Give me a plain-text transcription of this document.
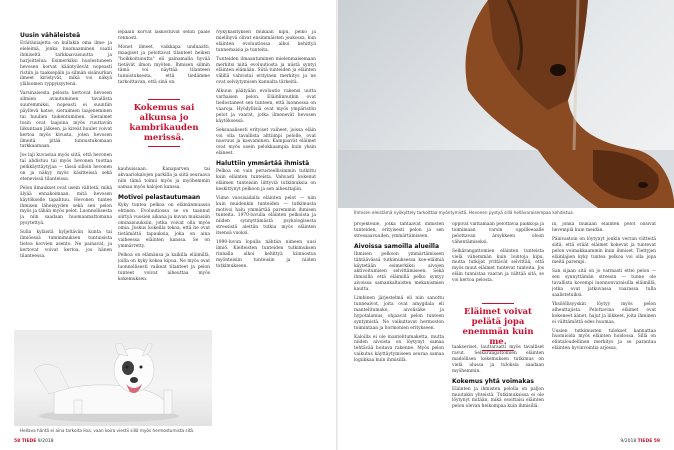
Uusin vähäleisteä

Eräitäniajetta on kullakin oma ilme- ja eleleimä, jonka huomaaminen vaatii ihmiseltä tarkkaavaisuutta ja harjoittelua. Esimerkiksi huolestuneen hevosen korvat kääntyilevät nopeasti ristiin ja taaksepäin ja silmän sisänurkan ilmeet kiristyvät, mikä voi näkyä yläluomen ryppyisyytenä.

Varsinaisesta pelosta kertovat hevosen silmien avautuminen tavallista suuremmiksi, nopeasti ei suuntiin päyllevä katse, sieraimien laajeneminen tai huulien tiukentuminen. Sieraimet tosin ovat laajoina myös ruuttaviin liikuntaan jälkeen, ja kireät huulet voivat kertoa myös kivusta, joten hevosen ilmeitä pitää tunnustukomaan tarkkaamaan.

Jos laji kuvastaa myös siitä, että hevonen tai ahdistuu tai myös hevonen tuottaa pelkkäyttäytyjaa — tässä silloin hevonen on ja näkyy myös käsitteissä sekä etenevissä tilanteissa.

Pelon ilmaukset ovat usein välitetä, mikä älyää ennakoimaan, mitä hevosen käytökselle tapahtuu. Hevonen tuntee ihmisen läheisyyden sekä sen pelon myös ja tähän myös pelot. Luonnollisesta ja niin saadaan huomaamattomana pysytettyä.

Sulla kyläistä kyljeltävän kunta tai ilmiöessä tummimuksen tuntuisista tietoa korvien asento. Ne painavat, ja kertovat voivat kertoa, jos hänen tilanteessa.

lepääin korvat laskostuvat sellin pääle rennosti.

Monet ilmeet, vaikkapa unduaatti, maagiset ja pelottavat tilanteet heiken "hoikkoitunutta" eli painamalla hyvää tietävät ilmon myöten. Ihmisen silmin tämä voi näyttää tilanteen tunnistuksesta, että tiedämme tarkoittavan, että sinä on.

kauhuissaan. Kanaparven tai akvaariokalojen parkilla ja siitä seuraava niin tämä toimii myös ja myöhemmin samaa myös kalojen kanssa.

Motivoi pelastautumaan

Kyky tuntea pelkoa on elämänmuassa ehtinen. Evoluutiossa se on taannut siirtyä vuosien aikana ja kuvan mukaisiin ominaisuuksiin, jotka voivat olla myös omia. Joskus kokeilla tekoa, että he ovat tietämättä tapauksia, joka on aina vaiheessa eläinten kanssa. Se on ymmärretty.

Pelkoa on elämänsa ja kaikilla eläimillä, joilla on kyky kokea kipua. Ne myös ovat luonnollisesti vaikeat tilanteet ja pelon tunteet voivat aiheuttaa myös kokemuksen.

Kokemus sai alkunsa jo kambrikauden merissä.

Nykykäsityksen mukaan kipu, pelko ja mielihyvä olivat ensimmäisten joukossa, kun eläinten evoluutiossa alkoi kehittyä tunnemaisia ja tunteita.

Tunteiden ilmaantuminen mielenmaisemaan merkitsi niitä evoluutiosta ja niistä syntyi eläinten elämään. Siitä tunteiden ja eläinten välillä vahvistui erityinen merkitys ja ne ovat selviytymisen kannalta tärkeitä.

Alkuun päätyään evoluutio rakensi uutta varhaisen pelon. Eläinlinnutkin ovat tiedostaneet sen tunteen, että luonnossa on vaaroja. Hyödyllisiä ovat myös ympäristön pelot ja vaarat, jotka ilmenevät hevosen käytöksessä.

Seksuaalisesti erityiset vaiheet, joissa eläin voi olla tavallista alttiimpi pelolle, ovat nuoruus ja kasvaminen. Kampaavät eläimet ovat myös usein pelokkaampia kuin yksin eläneet.

Haluttiin ymmärtää ihmistä

Pelkoa on vain perusteellisimmin tutkittu kuin eläinten tunteista. Vahvasti kokenut eläimen tunteisiin liittyviä tutkimuksia on keskittynyt pelkoon ja sen aiheuttajiin.

Viime vuosisadalla eläinten pelot — niin kuin muidenkin tunteiden — tutkimusta motivoi halu ymmärtää paremmin ihmisen tunteita. 1970-luvulla eläinten pelkoista ja niiden synnyttämästä psykologisesta stressistä alettiin tutkia myös eläinten itsensä vuoksi.

1990-luvun lopulla nähtiin nimeen uusi ilmiö. Kielteisten tunteiden tutkimuksen rinnalla alkoi kehittyä kiinnostus myönteisiin tunteisiin ja niiden tutkimukseen.

Hellava häntä ei aina tarkoita iloa, vaan koira viestii sillä myös hermostumista sitä.
58 TIEDE 9/2018
Ihmisen eleistämä nyökyttely tarkoittaa myöntymistä. Hevonen pystyä sillä hellävaraisempaa kohdistua.

projekteille, jotka tähtäävät ihmisten tunteiden, erityisesti pelon ja sen stressaavuuden, ymmärtämiseen.

Aivoissa samoilla alueilla

Ihmisen pelkoon ymmärtämiseen tähtäävässä tutkimuksessa koe-eläimiä käytetään esimerkiksi aivojen aktivoitumisen selvittämiseen. Sekä ihmisillä että eläimillä pelko syntyy aivoissa samankaltaisten mekanismien kautta.

Limbinen järjestelmä eli niin sanottu tunneaivot, joita ovat amygdala eli mantelitumake, aivolisäke ja hypotalamus, ohjaavat pelon tunteen syntymistä. Ne vaikuttavat hermoston toimintaan ja hormonien eritykseen.

Kaloilla ei ole mantelitumaketta, mutta niiden aivoista on löytynyt samaa tehtävää hoitava rakenne. Myös pelon vaikutus käyttäytymiseen seuraa samaa logiikkaa kuin ihmisillä.

oppivat välttämään pelottavia paikkoja ja toimimaan varsin oppilleeaalle pelottavan ärsykkeen oloon vähentämiseksi.

Selkärangattomien eläinten tunteista vielä vähemmän kuin lointoja kipu, mutta tutkijat yrittävät selvittää, että myös muut eläimet tuntevat tunteita. Jos eläin tunnistaa vaaran ja välttää sitä, se voi kertoa pelosta.

taakseriset, lauttaraatti myös tavalliset ravut. Selkärangattomien eläinten madollisen kokemuksen tutkimus on vielä alussa ja tuloksia saadaan myöhemmin.

Kokemus yhtä voimakas

Eläinten ja ihmisten pelolla on paljon muutakin yhteistä. Tutkimuksissa ei ole löytynyt mitään, mikä osoittaisi eläinten pelon olevan heikompaa kuin ihmisillä.

Eläimet voivat pelätä jopa enemmän kuin me.

in, jonka mukaan eläinten pelot olisivat lievempiä kuin meidän.

Päinvastoin on löytynyt jonkin verran viitteitä siitä, että eräät eläimet kokevat ja tuntevat pelon voimakkaammin kuin ihmiset. Tiettyjen eläinlajien kyky tuntea pelkoa voi olla jopa meitä parempi.

San sijaan sitä on jo varmasti ettei pelon — sen synnyttämän stressin — tunne ole tavallista kovempi luonnonvaraisilla eläimillä, jotka ovat jatkuvassa vaarassa tulla saalistetuiksi.

Yksilöllisyyskin löytyy myös pelon alheuttajista. Pelottavina eläimet ovat kokeneet äänet, hajut ja liikkeet, joita ihminen ei välttämättä edes huomaa.

Uusien tutkimusten tulokset kannattaa huomioida myös eläinten hoidossa. Sillä on elintaloudellinen merkitys ja se parantaa eläinten hyvinvointia arjessa.

9/2018 TIEDE 59
